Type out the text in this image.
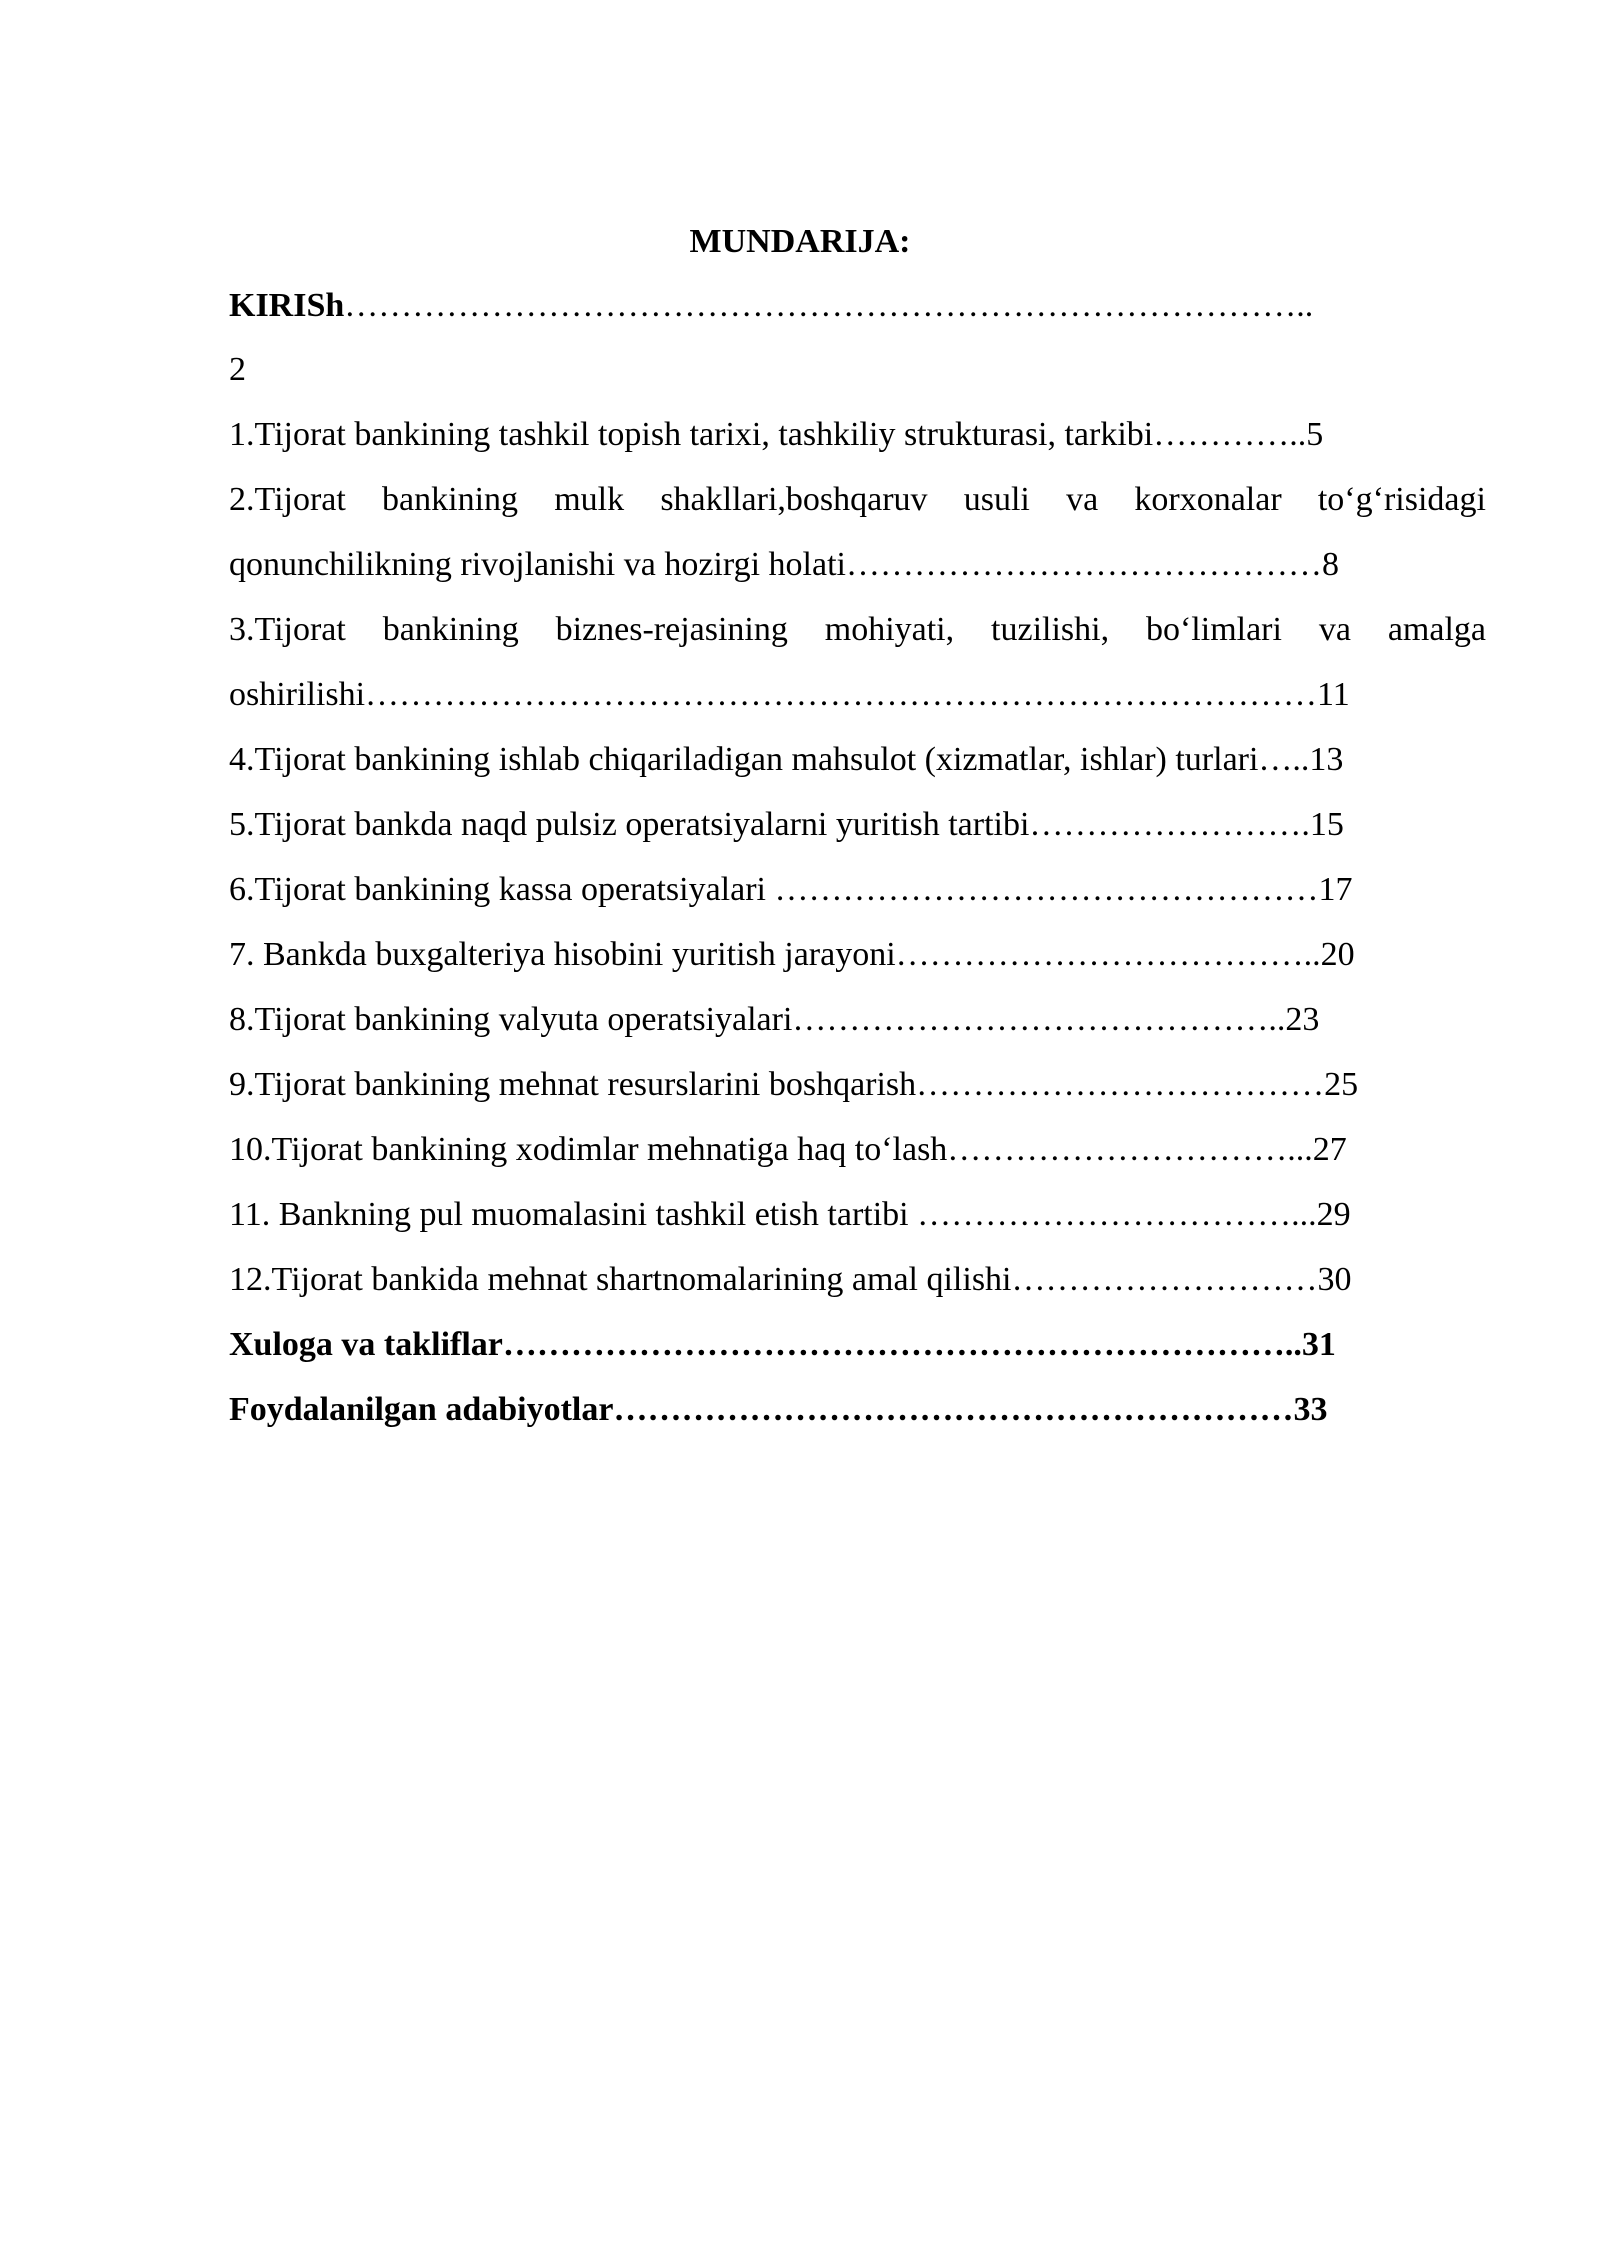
MUNDARIJA:
KIRISh…………………………………………………………………………..
2
1.Tijorat bankining tashkil topish tarixi, tashkiliy strukturasi, tarkibi…………..5
2.Tijorat bankining mulk shakllari,boshqaruv usuli va korxonalar to‘g‘risidagi
qonunchilikning rivojlanishi va hozirgi holati……………………………………8
3.Tijorat bankining biznes-rejasining mohiyati, tuzilishi, bo‘limlari va amalga
oshirilishi…………………………………………………………………………11
4.Tijorat bankining ishlab chiqariladigan mahsulot (xizmatlar, ishlar) turlari…..13
5.Tijorat bankda naqd pulsiz operatsiyalarni yuritish tartibi…………………….15
6.Tijorat bankining kassa operatsiyalari …………………………………………17
7. Bankda buxgalteriya hisobini yuritish jarayoni………………………………..20
8.Tijorat bankining valyuta operatsiyalari……………………………………..23
9.Tijorat bankining mehnat resurslarini boshqarish………………………………25
10.Tijorat bankining xodimlar mehnatiga haq to‘lash…………………………...27
11. Bankning pul muomalasini tashkil etish tartibi ……………………………...29
12.Tijorat bankida mehnat shartnomalarining amal qilishi………………………30
Xuloga va takliflar……………………………………………………………..31
Foydalanilgan adabiyotlar……………………………………………………33
